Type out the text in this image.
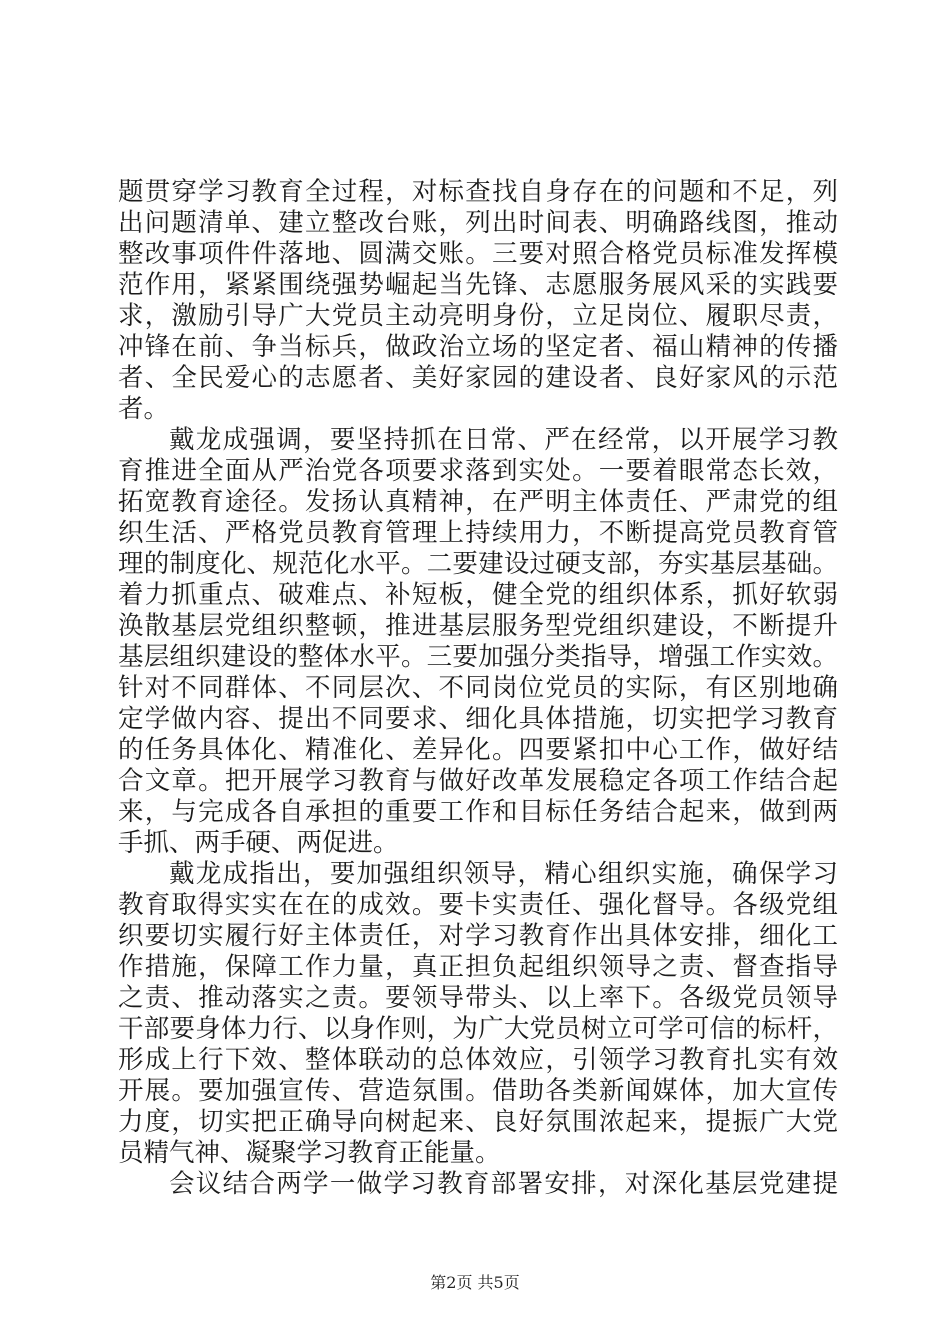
题贯穿学习教育全过程，对标查找自身存在的问题和不足，列
出问题清单、建立整改台账，列出时间表、明确路线图，推动
整改事项件件落地、圆满交账。三要对照合格党员标准发挥模
范作用，紧紧围绕强势崛起当先锋、志愿服务展风采的实践要
求，激励引导广大党员主动亮明身份，立足岗位、履职尽责，
冲锋在前、争当标兵，做政治立场的坚定者、福山精神的传播
者、全民爱心的志愿者、美好家园的建设者、良好家风的示范
者。
戴龙成强调，要坚持抓在日常、严在经常，以开展学习教
育推进全面从严治党各项要求落到实处。一要着眼常态长效，
拓宽教育途径。发扬认真精神，在严明主体责任、严肃党的组
织生活、严格党员教育管理上持续用力，不断提高党员教育管
理的制度化、规范化水平。二要建设过硬支部，夯实基层基础。
着力抓重点、破难点、补短板，健全党的组织体系，抓好软弱
涣散基层党组织整顿，推进基层服务型党组织建设，不断提升
基层组织建设的整体水平。三要加强分类指导，增强工作实效。
针对不同群体、不同层次、不同岗位党员的实际，有区别地确
定学做内容、提出不同要求、细化具体措施，切实把学习教育
的任务具体化、精准化、差异化。四要紧扣中心工作，做好结
合文章。把开展学习教育与做好改革发展稳定各项工作结合起
来，与完成各自承担的重要工作和目标任务结合起来，做到两
手抓、两手硬、两促进。
戴龙成指出，要加强组织领导，精心组织实施，确保学习
教育取得实实在在的成效。要卡实责任、强化督导。各级党组
织要切实履行好主体责任，对学习教育作出具体安排，细化工
作措施，保障工作力量，真正担负起组织领导之责、督查指导
之责、推动落实之责。要领导带头、以上率下。各级党员领导
干部要身体力行、以身作则，为广大党员树立可学可信的标杆，
形成上行下效、整体联动的总体效应，引领学习教育扎实有效
开展。要加强宣传、营造氛围。借助各类新闻媒体，加大宣传
力度，切实把正确导向树起来、良好氛围浓起来，提振广大党
员精气神、凝聚学习教育正能量。
会议结合两学一做学习教育部署安排，对深化基层党建提
第2页 共5页
